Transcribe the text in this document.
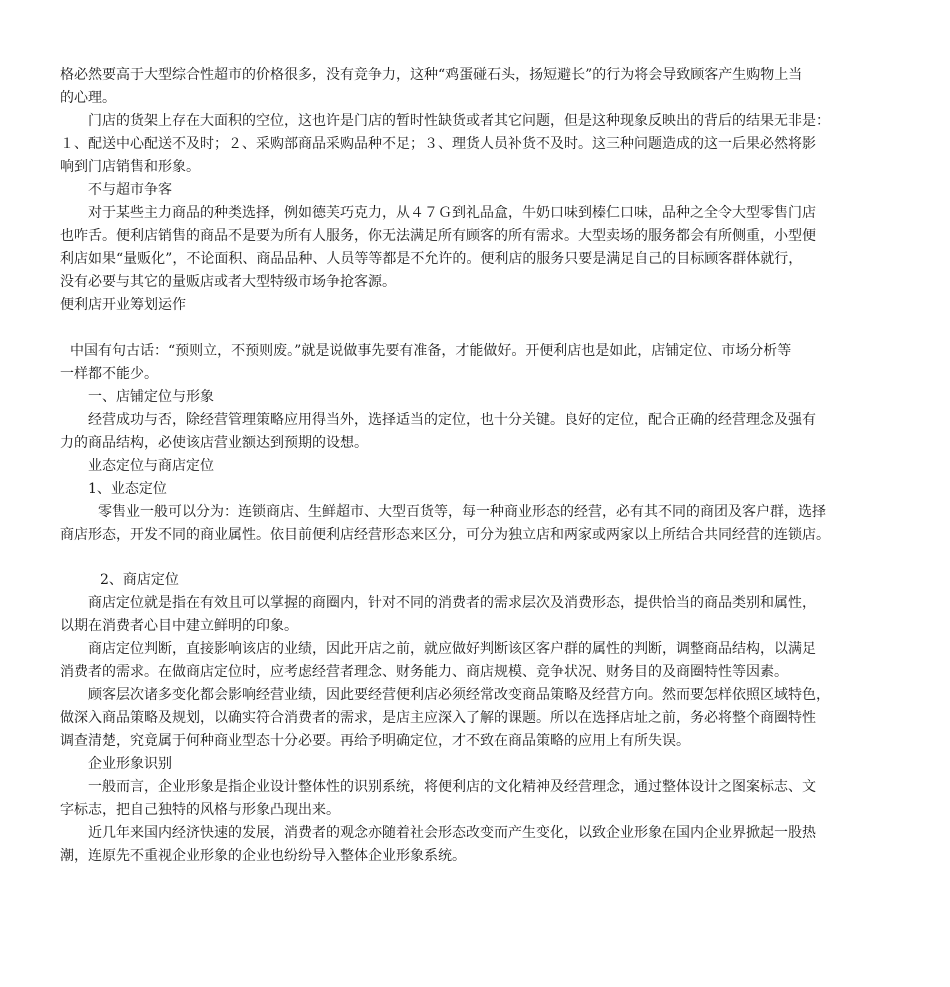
格必然要高于大型综合性超市的价格很多，没有竞争力，这种“鸡蛋碰石头，扬短避长”的行为将会导致顾客产生购物上当
的心理。
门店的货架上存在大面积的空位，这也许是门店的暂时性缺货或者其它问题，但是这种现象反映出的背后的结果无非是：
１、配送中心配送不及时；２、采购部商品采购品种不足；３、理货人员补货不及时。这三种问题造成的这一后果必然将影
响到门店销售和形象。
不与超市争客
对于某些主力商品的种类选择，例如德芙巧克力，从４７Ｇ到礼品盒，牛奶口味到榛仁口味，品种之全令大型零售门店
也咋舌。便利店销售的商品不是要为所有人服务，你无法满足所有顾客的所有需求。大型卖场的服务都会有所侧重，小型便
利店如果“量贩化”，不论面积、商品品种、人员等等都是不允许的。便利店的服务只要是满足自己的目标顾客群体就行，
没有必要与其它的量贩店或者大型特级市场争抢客源。
便利店开业筹划运作
中国有句古话：“预则立，不预则废。”就是说做事先要有准备，才能做好。开便利店也是如此，店铺定位、市场分析等
一样都不能少。
一、店铺定位与形象
经营成功与否，除经营管理策略应用得当外，选择适当的定位，也十分关键。良好的定位，配合正确的经营理念及强有
力的商品结构，必使该店营业额达到预期的设想。
业态定位与商店定位
1、业态定位
零售业一般可以分为：连锁商店、生鲜超市、大型百货等，每一种商业形态的经营，必有其不同的商团及客户群，选择
商店形态，开发不同的商业属性。依目前便利店经营形态来区分，可分为独立店和两家或两家以上所结合共同经营的连锁店。
2、商店定位
商店定位就是指在有效且可以掌握的商圈内，针对不同的消费者的需求层次及消费形态，提供恰当的商品类别和属性，
以期在消费者心目中建立鲜明的印象。
商店定位判断，直接影响该店的业绩，因此开店之前，就应做好判断该区客户群的属性的判断，调整商品结构，以满足
消费者的需求。在做商店定位时，应考虑经营者理念、财务能力、商店规模、竞争状况、财务目的及商圈特性等因素。
顾客层次诸多变化都会影响经营业绩，因此要经营便利店必须经常改变商品策略及经营方向。然而要怎样依照区域特色，
做深入商品策略及规划，以确实符合消费者的需求，是店主应深入了解的课题。所以在选择店址之前，务必将整个商圈特性
调查清楚，究竟属于何种商业型态十分必要。再给予明确定位，才不致在商品策略的应用上有所失误。
企业形象识别
一般而言，企业形象是指企业设计整体性的识别系统，将便利店的文化精神及经营理念，通过整体设计之图案标志、文
字标志，把自己独特的风格与形象凸现出来。
近几年来国内经济快速的发展，消费者的观念亦随着社会形态改变而产生变化，以致企业形象在国内企业界掀起一股热
潮，连原先不重视企业形象的企业也纷纷导入整体企业形象系统。
